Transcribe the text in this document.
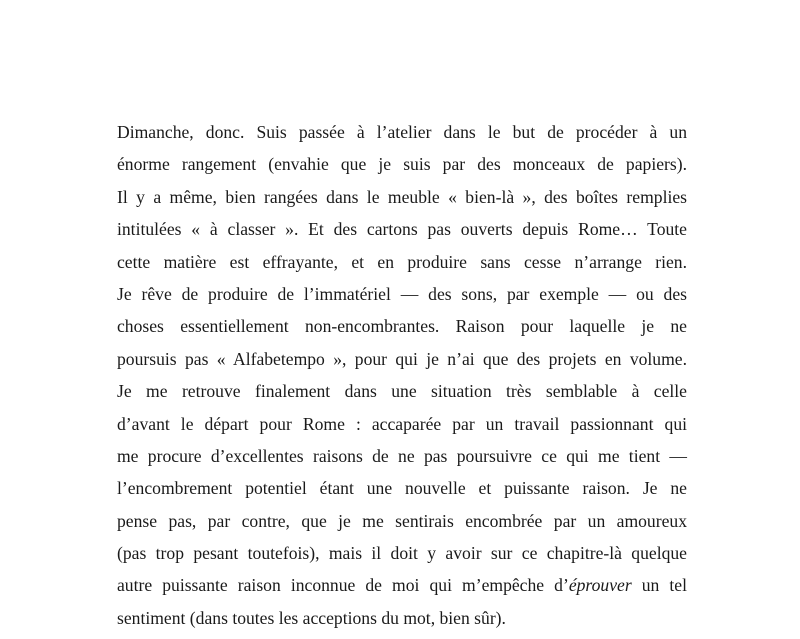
Dimanche, donc. Suis passée à l’atelier dans le but de procéder à un
énorme rangement (envahie que je suis par des monceaux de papiers).
Il y a même, bien rangées dans le meuble « bien-là », des boîtes remplies
intitulées « à classer ». Et des cartons pas ouverts depuis Rome… Toute
cette matière est effrayante, et en produire sans cesse n’arrange rien.
Je rêve de produire de l’immatériel — des sons, par exemple — ou des
choses essentiellement non-encombrantes. Raison pour laquelle je ne
poursuis pas « Alfabetempo », pour qui je n’ai que des projets en volume.
Je me retrouve finalement dans une situation très semblable à celle
d’avant le départ pour Rome : accaparée par un travail passionnant qui
me procure d’excellentes raisons de ne pas poursuivre ce qui me tient —
l’encombrement potentiel étant une nouvelle et puissante raison. Je ne
pense pas, par contre, que je me sentirais encombrée par un amoureux
(pas trop pesant toutefois), mais il doit y avoir sur ce chapitre-là quelque
autre puissante raison inconnue de moi qui m’empêche d’éprouver un tel
sentiment (dans toutes les acceptions du mot, bien sûr).
